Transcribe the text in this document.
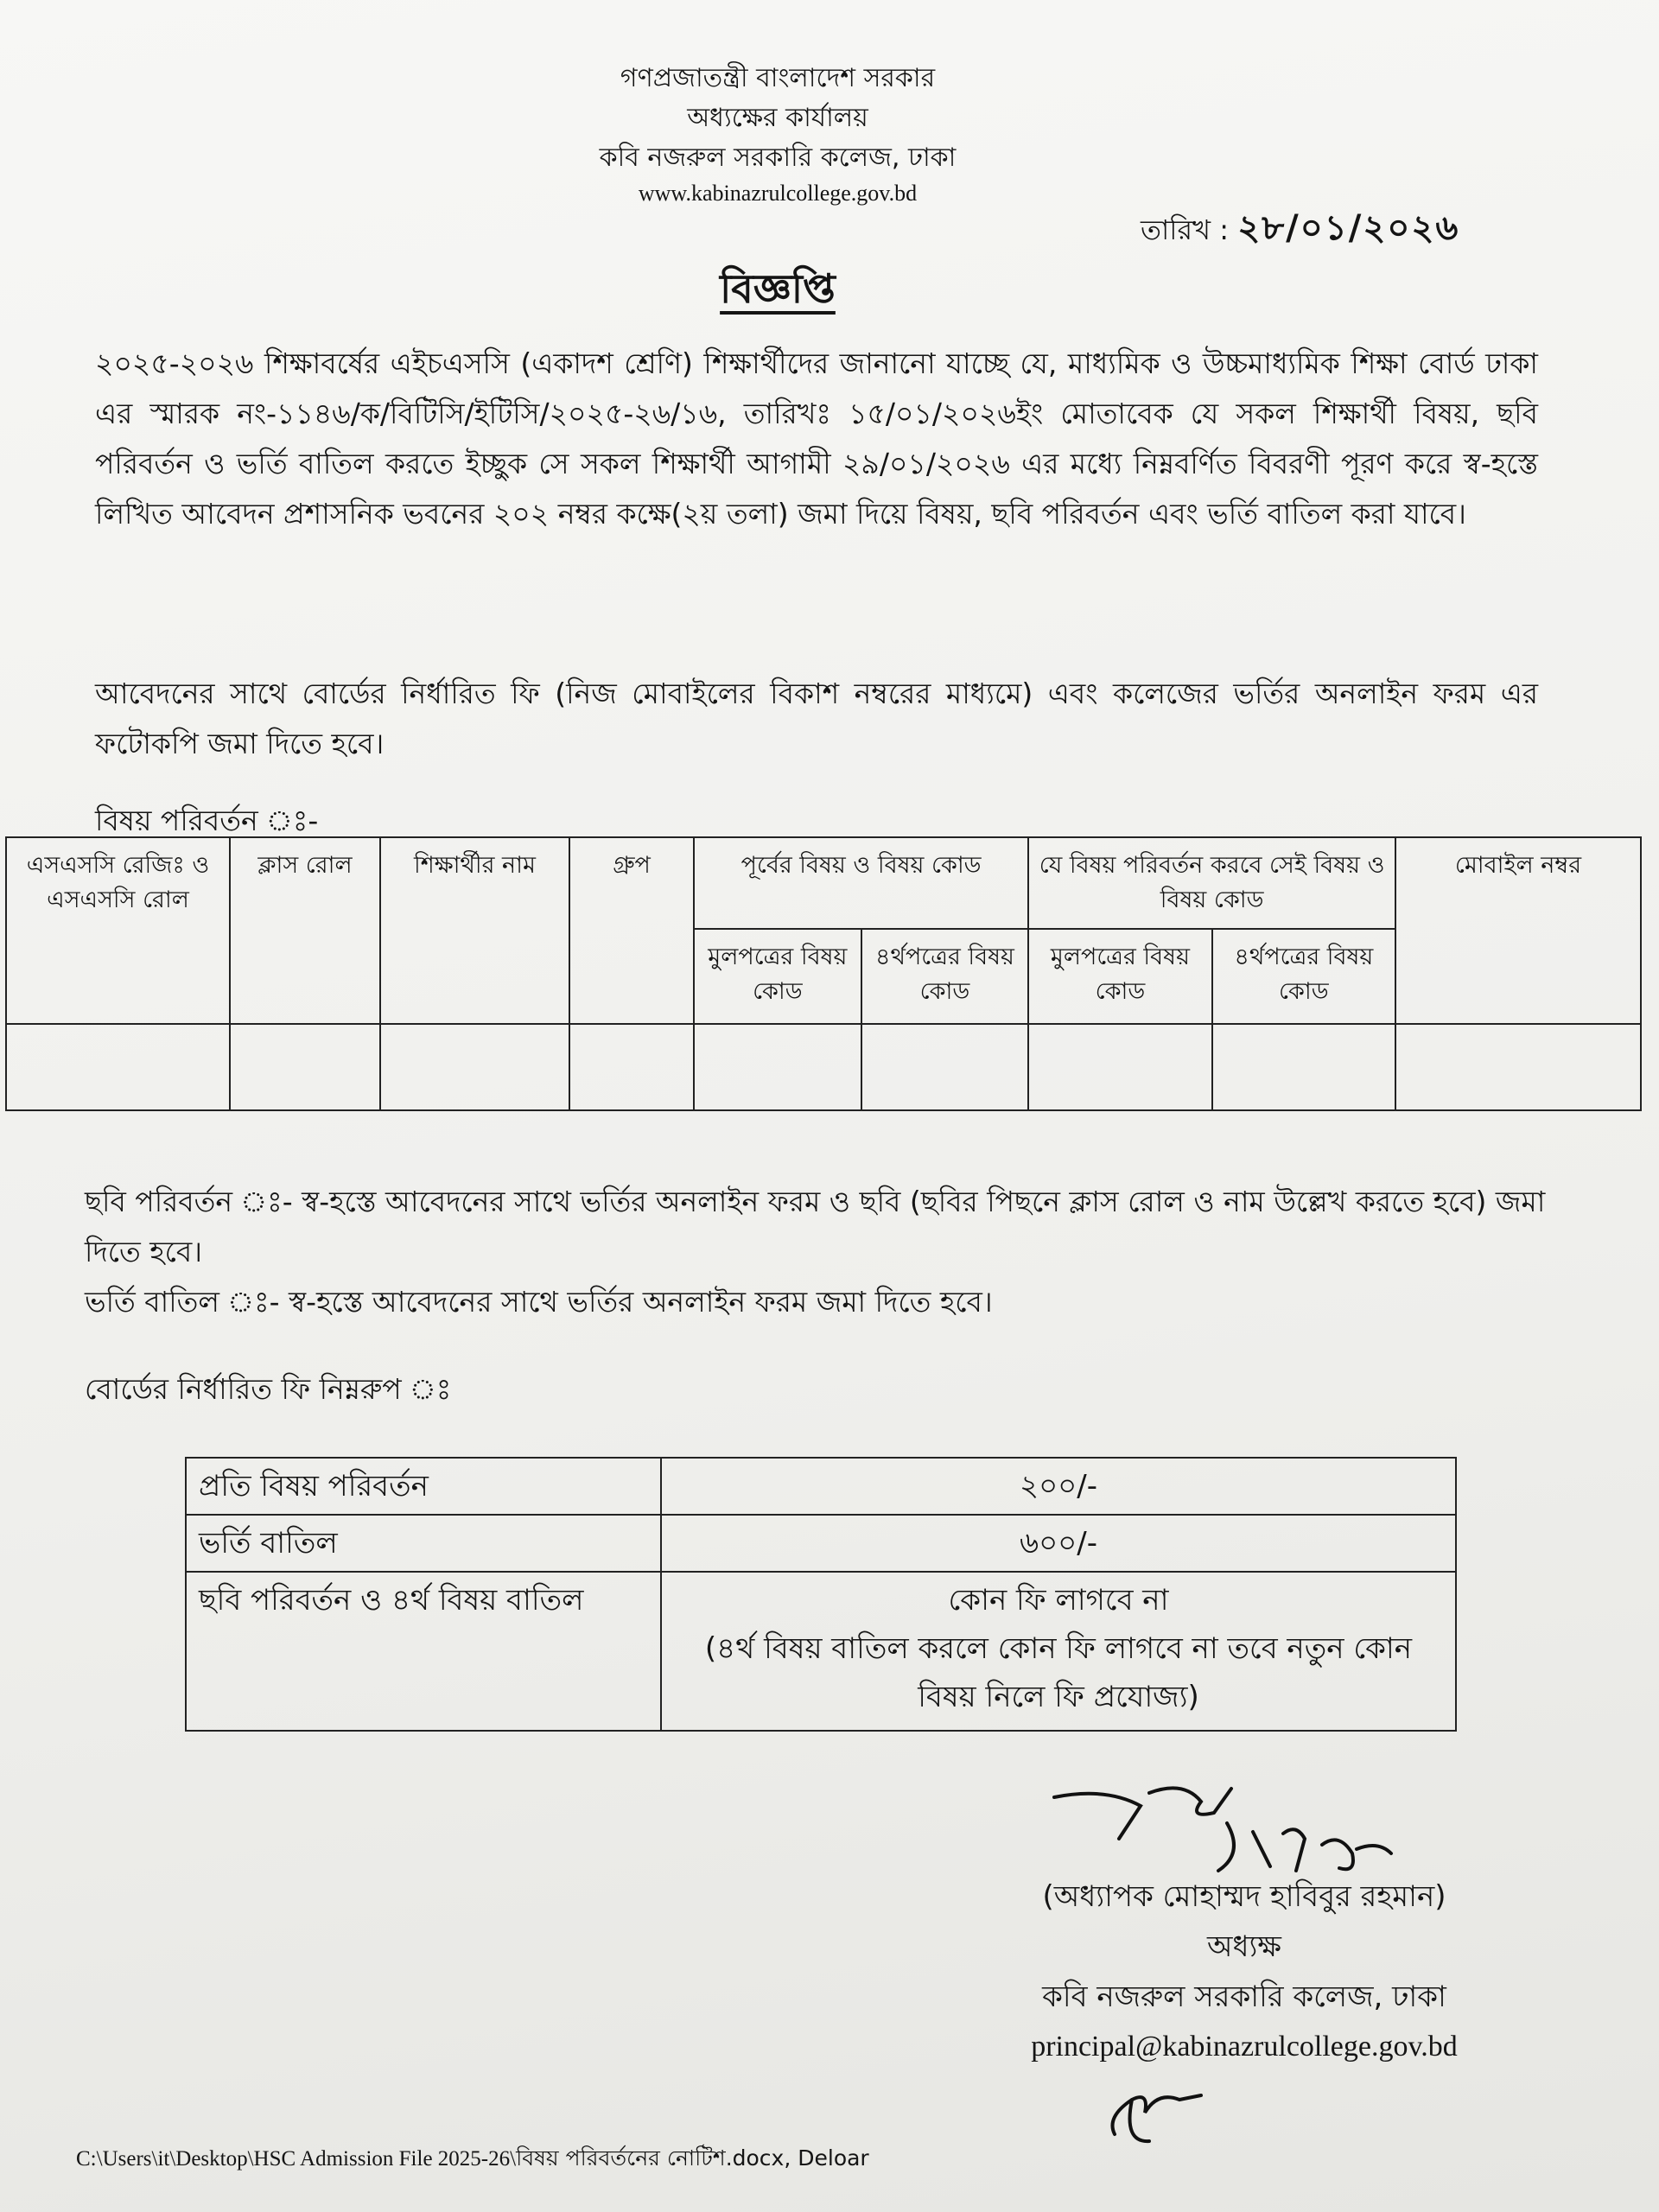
গণপ্রজাতন্ত্রী বাংলাদেশ সরকার
অধ্যক্ষের কার্যালয়
কবি নজরুল সরকারি কলেজ, ঢাকা
www.kabinazrulcollege.gov.bd
তারিখ : ২৮/০১/২০২৬
বিজ্ঞপ্তি
২০২৫-২০২৬ শিক্ষাবর্ষের এইচএসসি (একাদশ শ্রেণি) শিক্ষার্থীদের জানানো যাচ্ছে যে, মাধ্যমিক ও উচ্চমাধ্যমিক শিক্ষা বোর্ড ঢাকা এর স্মারক নং-১১৪৬/ক/বিটিসি/ইটিসি/২০২৫-২৬/১৬, তারিখঃ ১৫/০১/২০২৬ইং মোতাবেক যে সকল শিক্ষার্থী বিষয়, ছবি পরিবর্তন ও ভর্তি বাতিল করতে ইচ্ছুক সে সকল শিক্ষার্থী আগামী ২৯/০১/২০২৬ এর মধ্যে নিম্নবর্ণিত বিবরণী পূরণ করে স্ব-হস্তে লিখিত আবেদন প্রশাসনিক ভবনের ২০২ নম্বর কক্ষে(২য় তলা) জমা দিয়ে বিষয়, ছবি পরিবর্তন এবং ভর্তি বাতিল করা যাবে।
আবেদনের সাথে বোর্ডের নির্ধারিত ফি (নিজ মোবাইলের বিকাশ নম্বরের মাধ্যমে) এবং কলেজের ভর্তির অনলাইন ফরম এর ফটোকপি জমা দিতে হবে।
বিষয় পরিবর্তন ঃ-
এসএসসি রেজিঃ ও এসএসসি রোল	ক্লাস রোল	শিক্ষার্থীর নাম	গ্রুপ	পূর্বের বিষয় ও বিষয় কোড		যে বিষয় পরিবর্তন করবে সেই বিষয় ও বিষয় কোড		মোবাইল নম্বর
				মুলপত্রের বিষয় কোড	৪র্থপত্রের বিষয় কোড	মুলপত্রের বিষয় কোড	৪র্থপত্রের বিষয় কোড	

ছবি পরিবর্তন ঃ- স্ব-হস্তে আবেদনের সাথে ভর্তির অনলাইন ফরম ও ছবি (ছবির পিছনে ক্লাস রোল ও নাম উল্লেখ করতে হবে) জমা দিতে হবে।
ভর্তি বাতিল ঃ- স্ব-হস্তে আবেদনের সাথে ভর্তির অনলাইন ফরম জমা দিতে হবে।
বোর্ডের নির্ধারিত ফি নিম্নরুপ ঃ
প্রতি বিষয় পরিবর্তন	২০০/-
ভর্তি বাতিল	৬০০/-
ছবি পরিবর্তন ও ৪র্থ বিষয় বাতিল	কোন ফি লাগবে না
(৪র্থ বিষয় বাতিল করলে কোন ফি লাগবে না তবে নতুন কোন বিষয় নিলে ফি প্রযোজ্য)
(অধ্যাপক মোহাম্মদ হাবিবুর রহমান)
অধ্যক্ষ
কবি নজরুল সরকারি কলেজ, ঢাকা
principal@kabinazrulcollege.gov.bd
C:\Users\it\Desktop\HSC Admission File 2025-26\বিষয় পরিবর্তনের নোটিশ.docx, Deloar
